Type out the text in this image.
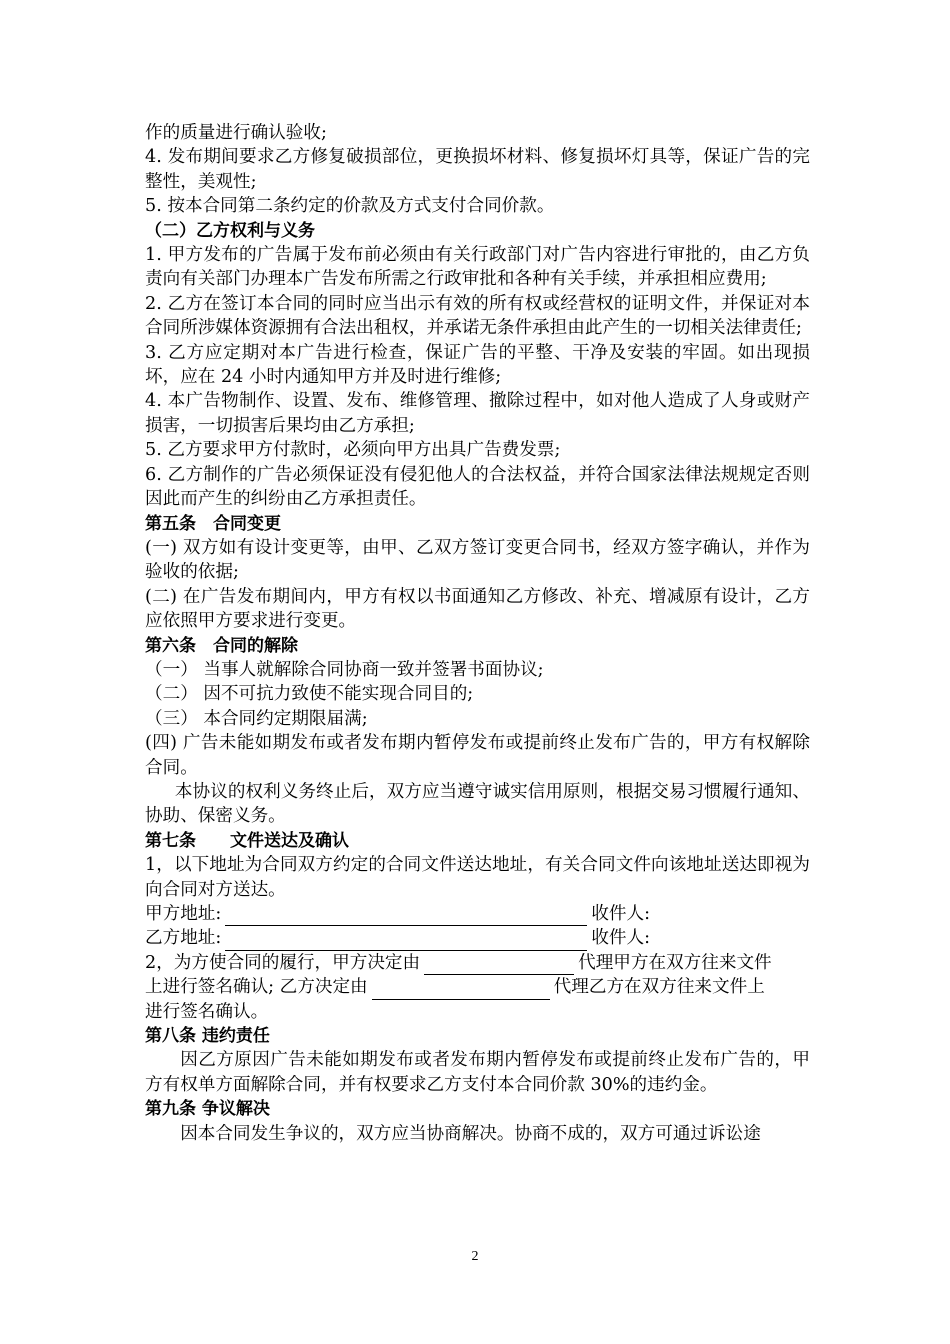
作的质量进行确认验收;

4. 发布期间要求乙方修复破损部位，更换损坏材料、修复损坏灯具等，保证广告的完整性，美观性;

5. 按本合同第二条约定的价款及方式支付合同价款。

（二）乙方权利与义务

1. 甲方发布的广告属于发布前必须由有关行政部门对广告内容进行审批的，由乙方负责向有关部门办理本广告发布所需之行政审批和各种有关手续，并承担相应费用;

2. 乙方在签订本合同的同时应当出示有效的所有权或经营权的证明文件，并保证对本合同所涉媒体资源拥有合法出租权，并承诺无条件承担由此产生的一切相关法律责任;

3. 乙方应定期对本广告进行检查，保证广告的平整、干净及安装的牢固。如出现损坏，应在 24 小时内通知甲方并及时进行维修;

4. 本广告物制作、设置、发布、维修管理、撤除过程中，如对他人造成了人身或财产损害，一切损害后果均由乙方承担;

5. 乙方要求甲方付款时，必须向甲方出具广告费发票;

6. 乙方制作的广告必须保证没有侵犯他人的合法权益，并符合国家法律法规规定否则因此而产生的纠纷由乙方承担责任。

第五条　合同变更

(一) 双方如有设计变更等，由甲、乙双方签订变更合同书，经双方签字确认，并作为验收的依据;

(二) 在广告发布期间内，甲方有权以书面通知乙方修改、补充、增减原有设计，乙方应依照甲方要求进行变更。

第六条　合同的解除

（一） 当事人就解除合同协商一致并签署书面协议;

（二） 因不可抗力致使不能实现合同目的;

（三） 本合同约定期限届满;

(四) 广告未能如期发布或者发布期内暂停发布或提前终止发布广告的，甲方有权解除合同。

本协议的权利义务终止后，双方应当遵守诚实信用原则，根据交易习惯履行通知、协助、保密义务。

第七条　　文件送达及确认

1，以下地址为合同双方约定的合同文件送达地址，有关合同文件向该地址送达即视为向合同对方送达。

甲方地址:	收件人:
乙方地址:	收件人:
2，为方使合同的履行，甲方决定由	代理甲方在双方往来文件
上进行签名确认; 乙方决定由	代理乙方在双方往来文件上

进行签名确认。

第八条 违约责任

因乙方原因广告未能如期发布或者发布期内暂停发布或提前终止发布广告的，甲方有权单方面解除合同，并有权要求乙方支付本合同价款 30%的违约金。

第九条 争议解决

因本合同发生争议的，双方应当协商解决。协商不成的，双方可通过诉讼途

2
